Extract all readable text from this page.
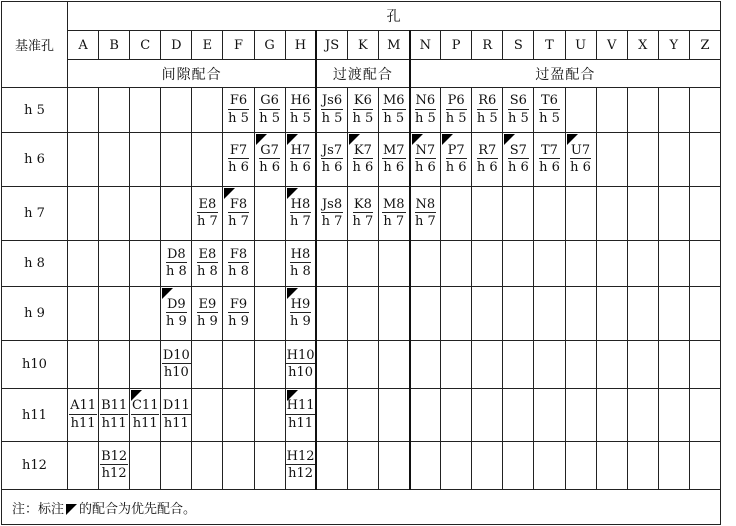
基准孔	孔																				
	A	B	C	D	E	F	G	H	JS	K	M	N	P	R	S	T	U	V	X	Y	Z
	间隙配合								过渡配合			过盈配合									
h 5						$\frac{F6}{h 5}$	$\frac{G6}{h 5}$	$\frac{H6}{h 5}$	$\frac{Js6}{h 5}$	$\frac{K6}{h 5}$	$\frac{M6}{h 5}$	$\frac{N6}{h 5}$	$\frac{P6}{h 5}$	$\frac{R6}{h 5}$	$\frac{S6}{h 5}$	$\frac{T6}{h 5}$

h 6						$\frac{F7}{h 6}$	$\frac{G7}{h 6}$	$\frac{H7}{h 6}$	$\frac{Js7}{h 6}$	$\frac{K7}{h 6}$	$\frac{M7}{h 6}$	$\frac{N7}{h 6}$	$\frac{P7}{h 6}$	$\frac{R7}{h 6}$	$\frac{S7}{h 6}$	$\frac{T7}{h 6}$	$\frac{U7}{h 6}$

h 7					$\frac{E8}{h 7}$	$\frac{F8}{h 7}$		$\frac{H8}{h 7}$	$\frac{Js8}{h 7}$	$\frac{K8}{h 7}$	$\frac{M8}{h 7}$	$\frac{N8}{h 7}$

h 8				$\frac{D8}{h 8}$	$\frac{E8}{h 8}$	$\frac{F8}{h 8}$		$\frac{H8}{h 8}$

h 9				$\frac{D9}{h 9}$	$\frac{E9}{h 9}$	$\frac{F9}{h 9}$		$\frac{H9}{h 9}$

h10				$\frac{D10}{h10}$				$\frac{H10}{h10}$

h11	$\frac{A11}{h11}$	$\frac{B11}{h11}$	$\frac{C11}{h11}$	$\frac{D11}{h11}$				$\frac{H11}{h11}$

h12		$\frac{B12}{h12}$						$\frac{H12}{h12}$

注：标注 的配合为优先配合。																					
